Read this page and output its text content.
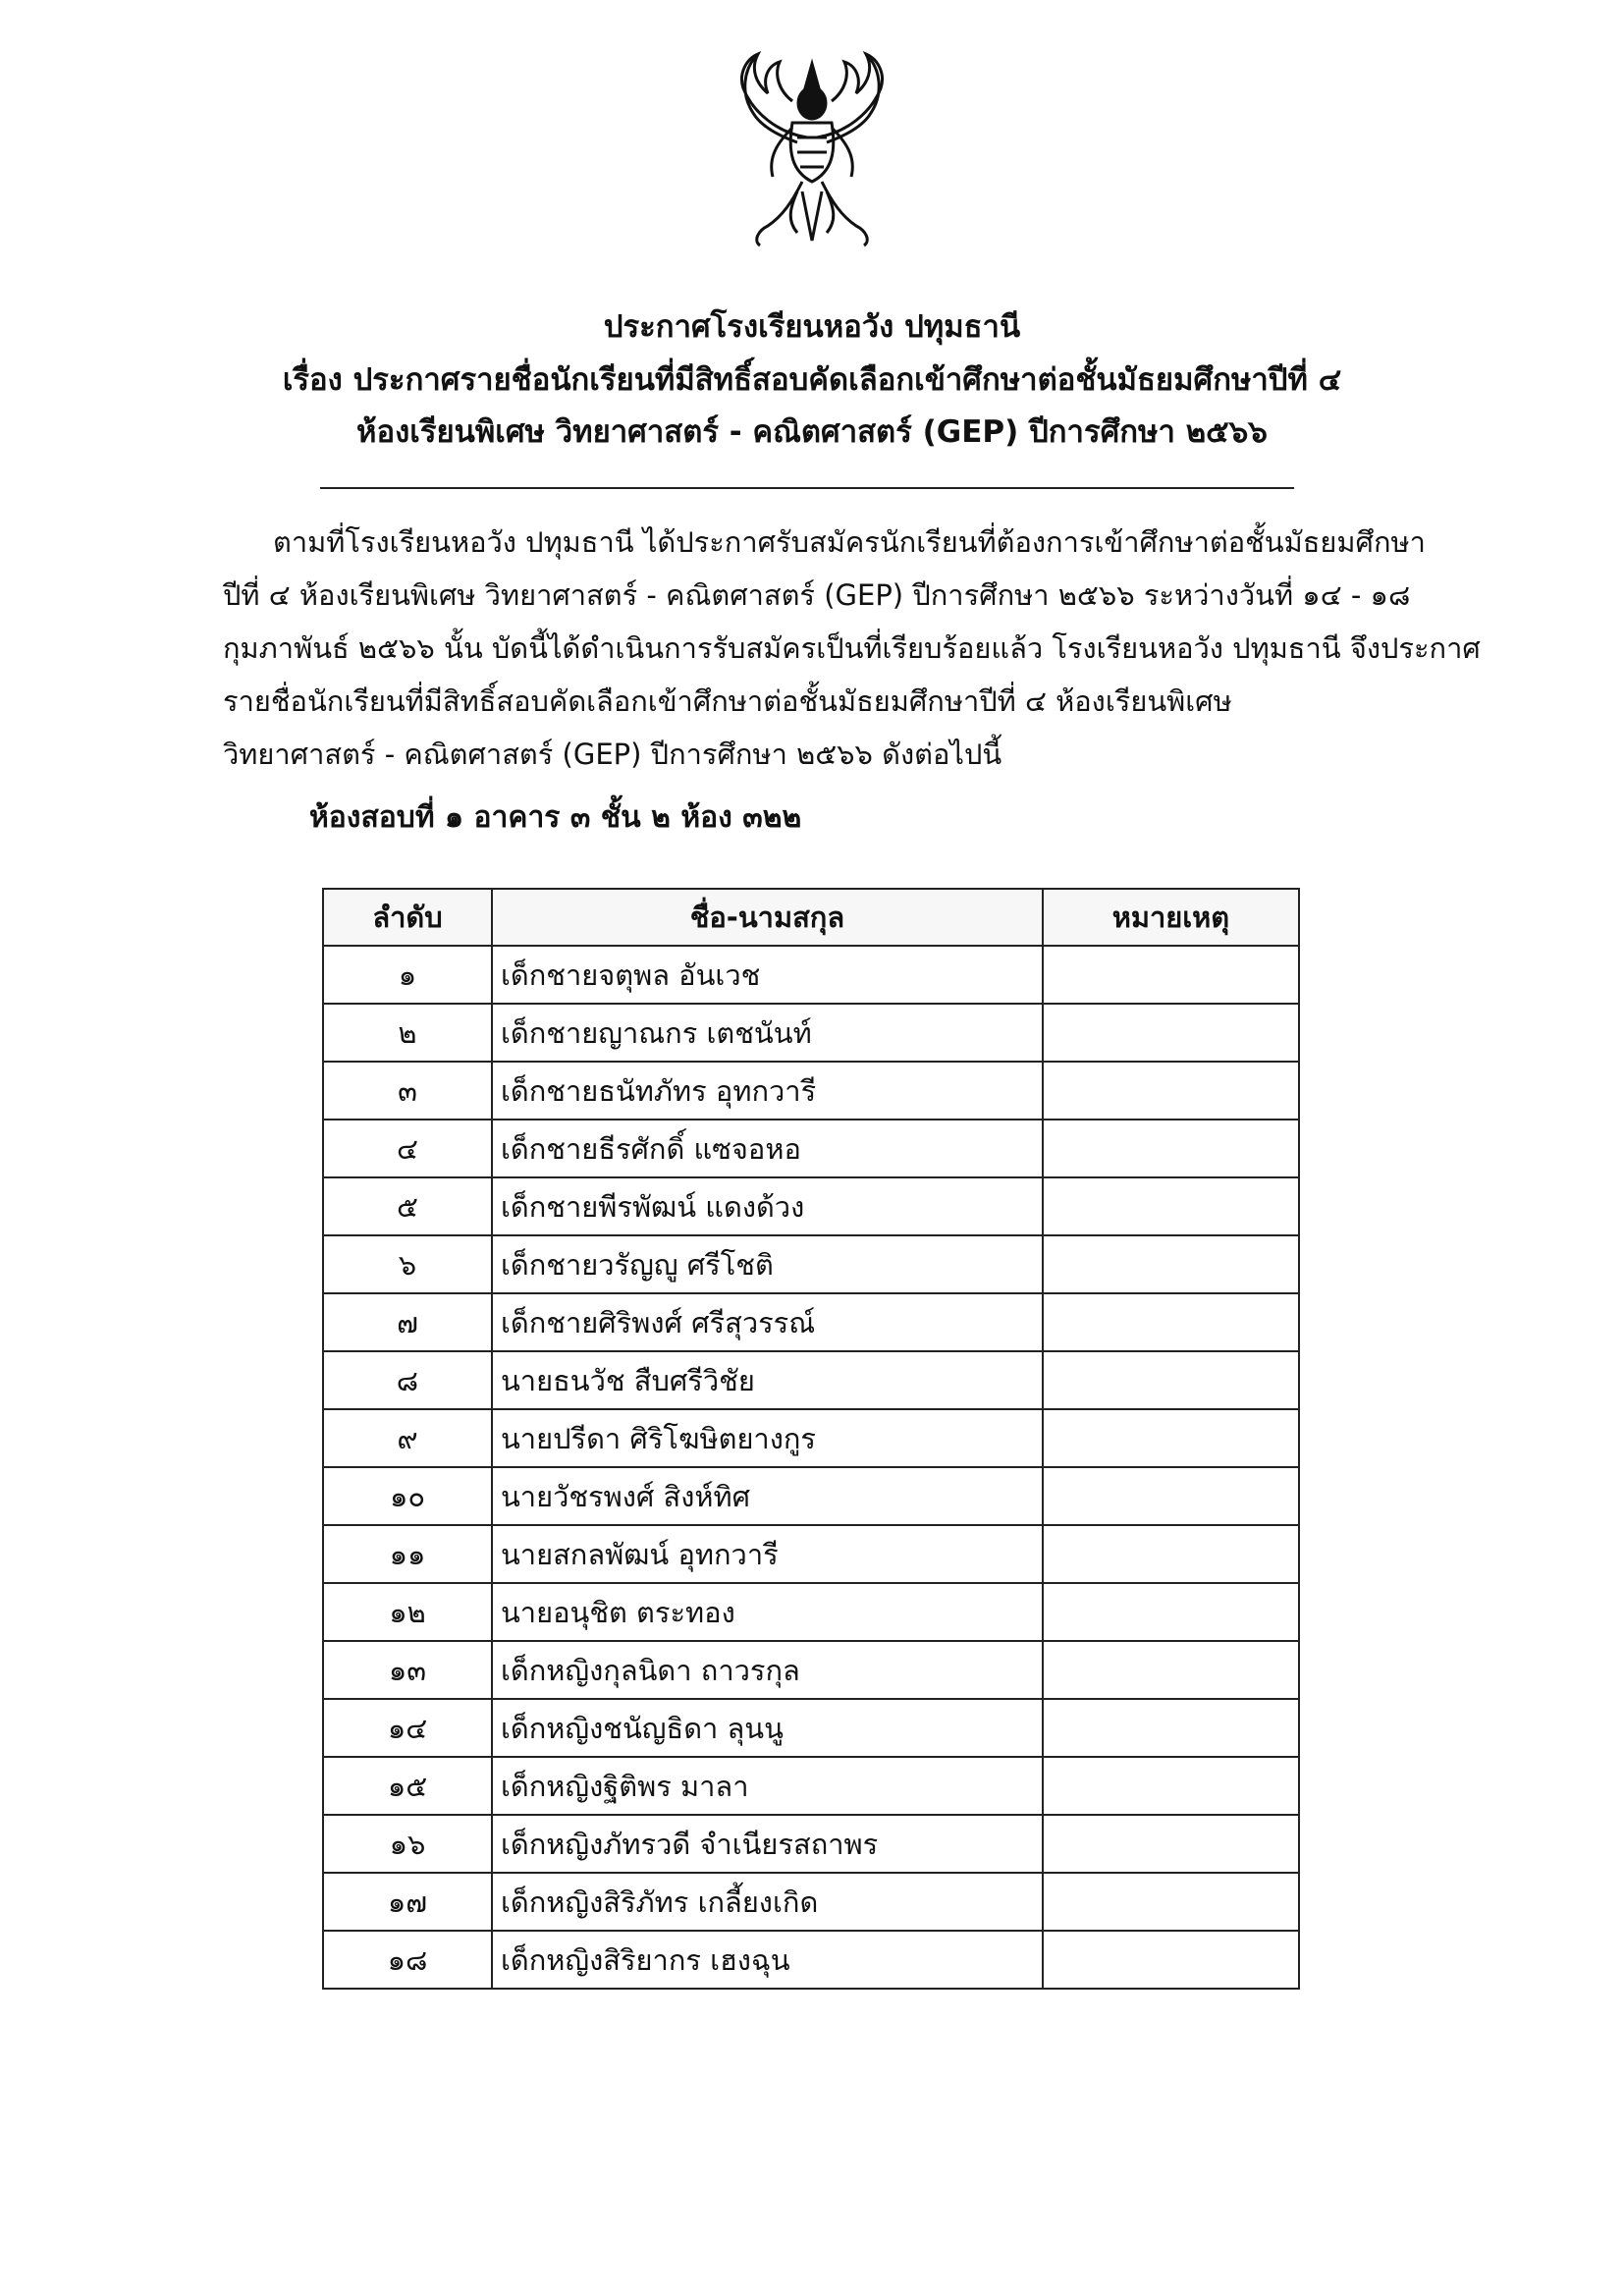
ประกาศโรงเรียนหอวัง ปทุมธานี
เรื่อง ประกาศรายชื่อนักเรียนที่มีสิทธิ์สอบคัดเลือกเข้าศึกษาต่อชั้นมัธยมศึกษาปีที่ ๔
ห้องเรียนพิเศษ วิทยาศาสตร์ - คณิตศาสตร์ (GEP) ปีการศึกษา ๒๕๖๖
ตามที่โรงเรียนหอวัง ปทุมธานี ได้ประกาศรับสมัครนักเรียนที่ต้องการเข้าศึกษาต่อชั้นมัธยมศึกษา
ปีที่ ๔ ห้องเรียนพิเศษ วิทยาศาสตร์ - คณิตศาสตร์ (GEP) ปีการศึกษา ๒๕๖๖ ระหว่างวันที่ ๑๔ - ๑๘
กุมภาพันธ์ ๒๕๖๖ นั้น บัดนี้ได้ดำเนินการรับสมัครเป็นที่เรียบร้อยแล้ว โรงเรียนหอวัง ปทุมธานี จึงประกาศ
รายชื่อนักเรียนที่มีสิทธิ์สอบคัดเลือกเข้าศึกษาต่อชั้นมัธยมศึกษาปีที่ ๔ ห้องเรียนพิเศษ
วิทยาศาสตร์ - คณิตศาสตร์ (GEP) ปีการศึกษา ๒๕๖๖ ดังต่อไปนี้
ห้องสอบที่ ๑ อาคาร ๓ ชั้น ๒ ห้อง ๓๒๒
ลำดับ	ชื่อ-นามสกุล	หมายเหตุ
๑	เด็กชายจตุพล อันเวช	
๒	เด็กชายญาณกร เตชนันท์	
๓	เด็กชายธนัทภัทร อุทกวารี	
๔	เด็กชายธีรศักดิ์ แซจอหอ	
๕	เด็กชายพีรพัฒน์ แดงด้วง	
๖	เด็กชายวรัญญู ศรีโชติ	
๗	เด็กชายศิริพงศ์ ศรีสุวรรณ์	
๘	นายธนวัช สืบศรีวิชัย	
๙	นายปรีดา ศิริโฆษิตยางกูร	
๑๐	นายวัชรพงศ์ สิงห์ทิศ	
๑๑	นายสกลพัฒน์ อุทกวารี	
๑๒	นายอนุชิต ตระทอง	
๑๓	เด็กหญิงกุลนิดา ถาวรกุล	
๑๔	เด็กหญิงชนัญธิดา ลุนนู	
๑๕	เด็กหญิงฐิติพร มาลา	
๑๖	เด็กหญิงภัทรวดี จำเนียรสถาพร	
๑๗	เด็กหญิงสิริภัทร เกลี้ยงเกิด	
๑๘	เด็กหญิงสิริยากร เฮงฉุน	
